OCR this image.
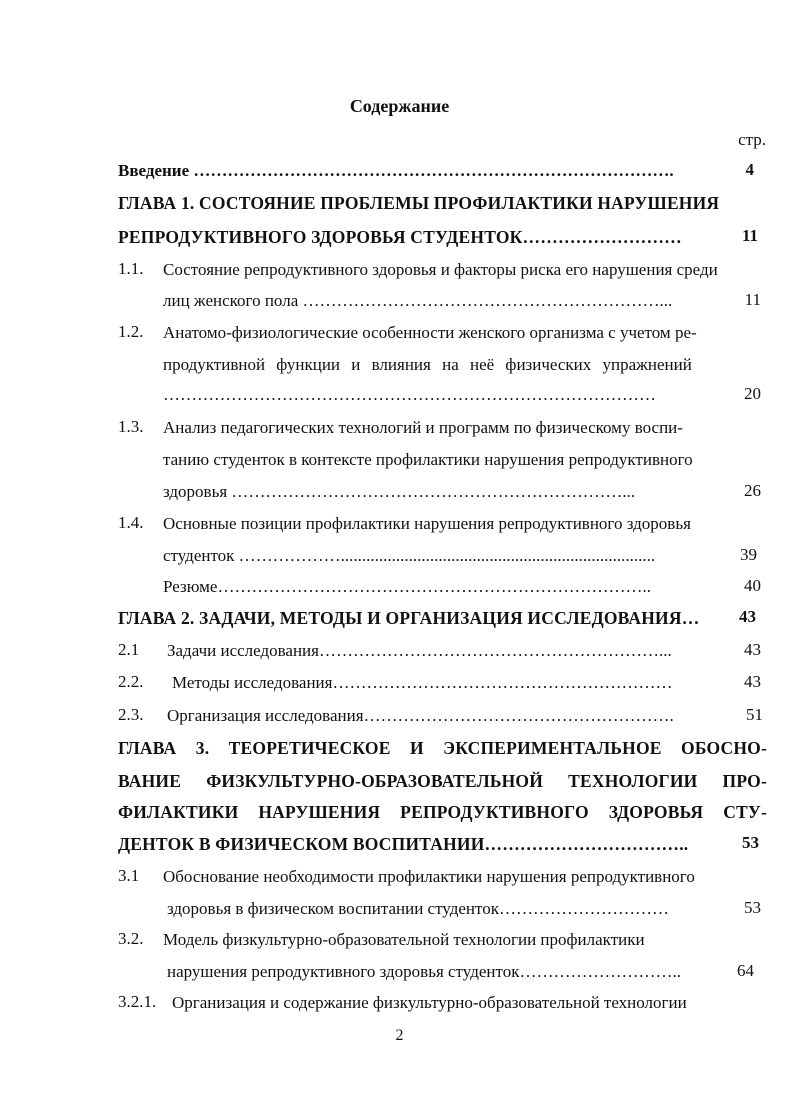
Содержание
стр.
Введение ………………………………………………………………………….	4
ГЛАВА 1. СОСТОЯНИЕ ПРОБЛЕМЫ ПРОФИЛАКТИКИ НАРУШЕНИЯ
РЕПРОДУКТИВНОГО ЗДОРОВЬЯ СТУДЕНТОК………………………	11
1.1. Состояние репродуктивного здоровья и факторы риска его нарушения среди
лиц женского пола ………………………………………………………...	11
1.2. Анатомо-физиологические особенности женского организма с учетом ре-
продуктивной функции и влияния на неё физических упражнений
……………………………………………………………………………	20
1.3. Анализ педагогических технологий и программ по физическому воспи-
танию студенток в контексте профилактики нарушения репродуктивного
здоровья ……………………………………………………………...	26
1.4. Основные позиции профилактики нарушения репродуктивного здоровья
студенток ………………..........................................................................	39
Резюме…………………………………………………………………..	40
ГЛАВА 2. ЗАДАЧИ, МЕТОДЫ И ОРГАНИЗАЦИЯ ИССЛЕДОВАНИЯ… 43
2.1 Задачи исследования……………………………………………………...	43
2.2. Методы исследования……………………………………………………	43
2.3. Организация исследования……………………………………………….	51
ГЛАВА 3. ТЕОРЕТИЧЕСКОЕ И ЭКСПЕРИМЕНТАЛЬНОЕ ОБОСНО-
ВАНИЕ ФИЗКУЛЬТУРНО-ОБРАЗОВАТЕЛЬНОЙ ТЕХНОЛОГИИ ПРО-
ФИЛАКТИКИ НАРУШЕНИЯ РЕПРОДУКТИВНОГО ЗДОРОВЬЯ СТУ-
ДЕНТОК В ФИЗИЧЕСКОМ ВОСПИТАНИИ……………………………..	53
3.1 Обоснование необходимости профилактики нарушения репродуктивного
здоровья в физическом воспитании студенток…………………………	53
3.2. Модель физкультурно-образовательной технологии профилактики
нарушения репродуктивного здоровья студенток………………………..	64
3.2.1. Организация и содержание физкультурно-образовательной технологии
2
